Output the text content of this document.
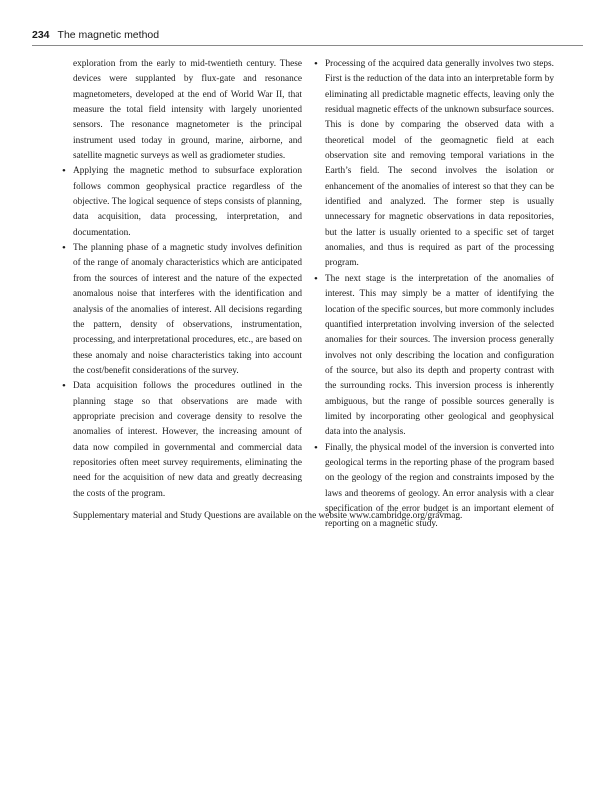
234 The magnetic method

exploration from the early to mid-twentieth century. These devices were supplanted by flux-gate and resonance magnetometers, developed at the end of World War II, that measure the total field intensity with largely unoriented sensors. The resonance magnetometer is the principal instrument used today in ground, marine, airborne, and satellite magnetic surveys as well as gradiometer studies.

• Applying the magnetic method to subsurface exploration follows common geophysical practice regardless of the objective. The logical sequence of steps consists of planning, data acquisition, data processing, interpretation, and documentation.

• The planning phase of a magnetic study involves definition of the range of anomaly characteristics which are anticipated from the sources of interest and the nature of the expected anomalous noise that interferes with the identification and analysis of the anomalies of interest. All decisions regarding the pattern, density of observations, instrumentation, processing, and interpretational procedures, etc., are based on these anomaly and noise characteristics taking into account the cost/benefit considerations of the survey.

• Data acquisition follows the procedures outlined in the planning stage so that observations are made with appropriate precision and coverage density to resolve the anomalies of interest. However, the increasing amount of data now compiled in governmental and commercial data repositories often meet survey requirements, eliminating the need for the acquisition of new data and greatly decreasing the costs of the program.

• Processing of the acquired data generally involves two steps. First is the reduction of the data into an interpretable form by eliminating all predictable magnetic effects, leaving only the residual magnetic effects of the unknown subsurface sources. This is done by comparing the observed data with a theoretical model of the geomagnetic field at each observation site and removing temporal variations in the Earth’s field. The second involves the isolation or enhancement of the anomalies of interest so that they can be identified and analyzed. The former step is usually unnecessary for magnetic observations in data repositories, but the latter is usually oriented to a specific set of target anomalies, and thus is required as part of the processing program.

• The next stage is the interpretation of the anomalies of interest. This may simply be a matter of identifying the location of the specific sources, but more commonly includes quantified interpretation involving inversion of the selected anomalies for their sources. The inversion process generally involves not only describing the location and configuration of the source, but also its depth and property contrast with the surrounding rocks. This inversion process is inherently ambiguous, but the range of possible sources generally is limited by incorporating other geological and geophysical data into the analysis.

• Finally, the physical model of the inversion is converted into geological terms in the reporting phase of the program based on the geology of the region and constraints imposed by the laws and theorems of geology. An error analysis with a clear specification of the error budget is an important element of reporting on a magnetic study.

Supplementary material and Study Questions are available on the website www.cambridge.org/gravmag.
